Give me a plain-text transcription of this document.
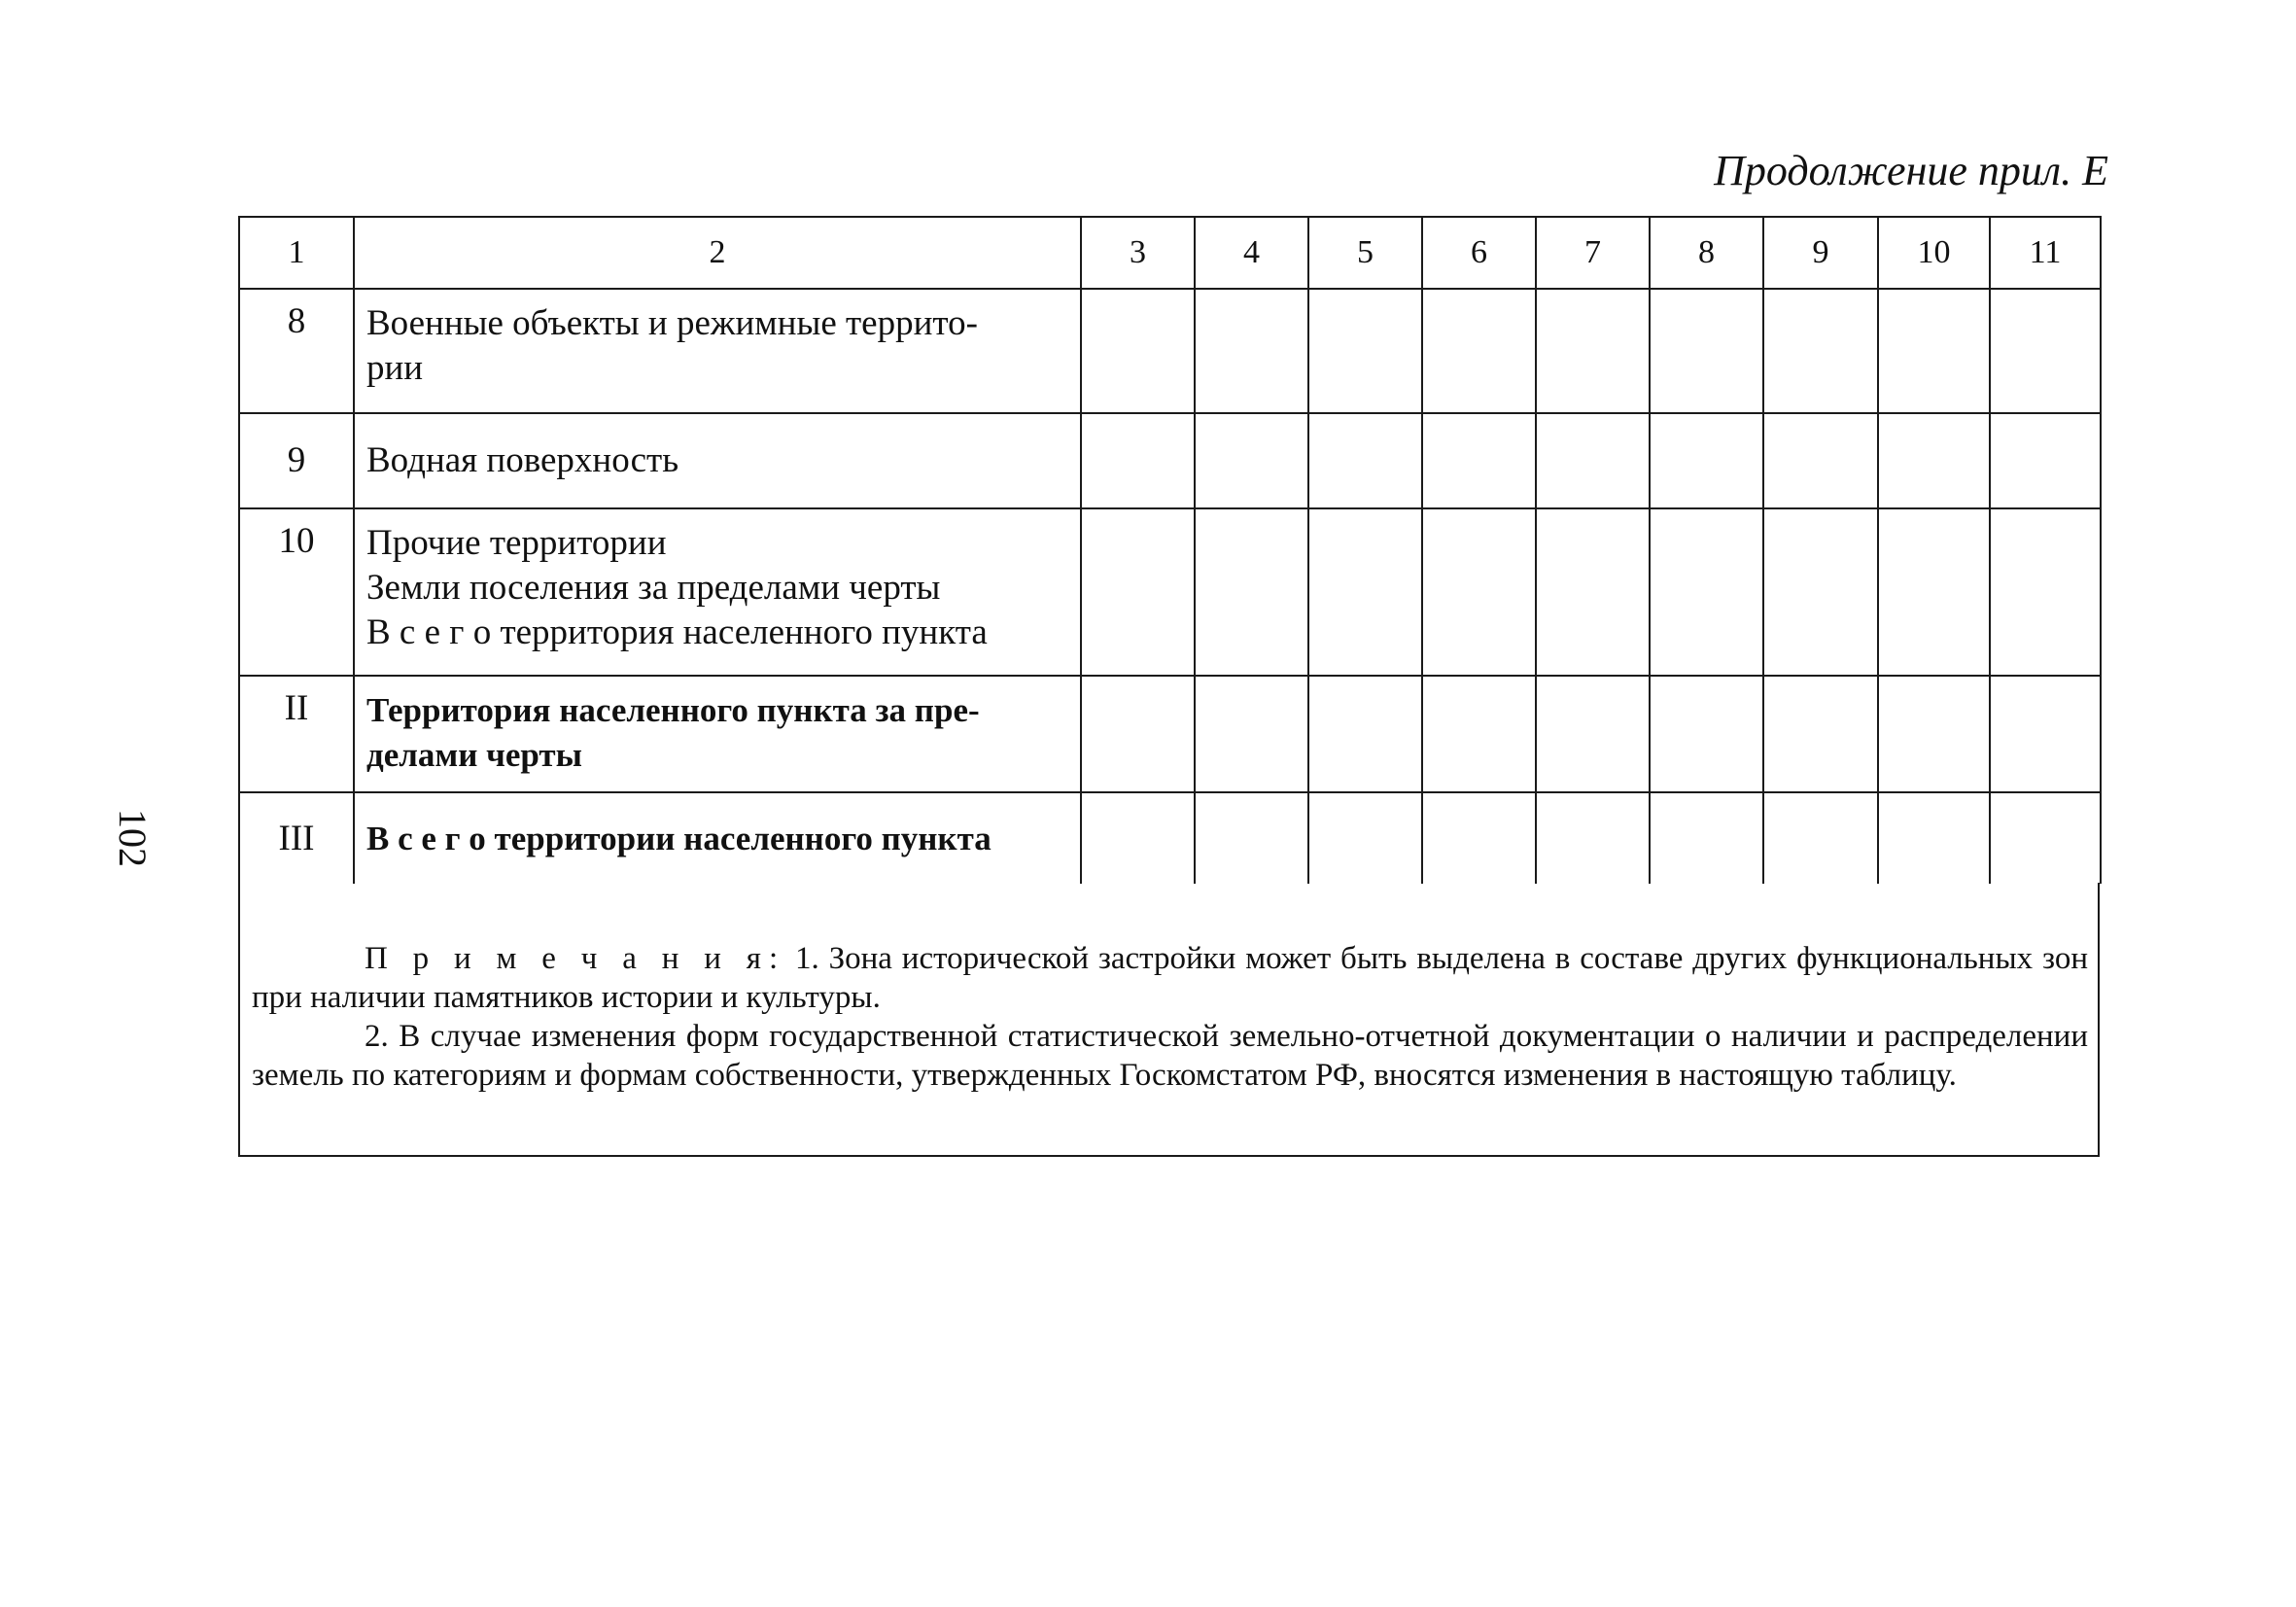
Продолжение прил. Е
102
1	2	3	4	5	6	7	8	9	10	11
8	Военные объекты и режимные террито-
рии									
9	Водная поверхность									
10	Прочие территории
Земли поселения за пределами черты
В с е г о территория населенного пункта									
II	Территория населенного пункта за пре-
делами черты									
III	В с е г о территории населенного пункта									

П р и м е ч а н и я: 1. Зона исторической застройки может быть выделена в составе других функциональных зон при наличии памятников истории и культуры.

2. В случае изменения форм государственной статистической земельно-отчетной документации о наличии и распределении земель по категориям и формам собственности, утвержденных Госкомстатом РФ, вносятся изменения в настоящую таблицу.
